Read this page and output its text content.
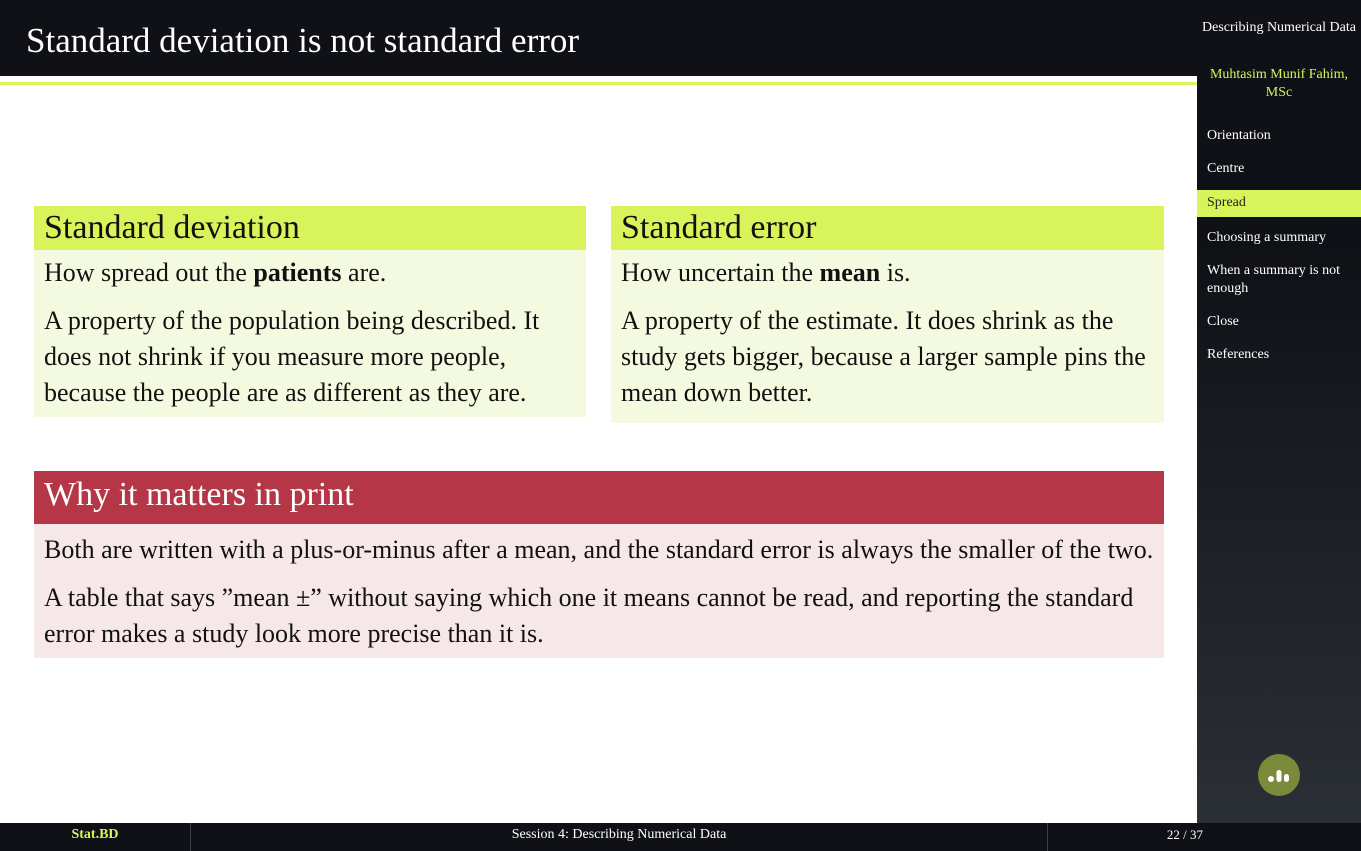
Standard deviation is not standard error	Describing Numerical Data
Muhtasim Munif Fahim, MSc
Orientation
Centre
Spread
Choosing a summary
When a summary is not enough
Close
References
Standard deviation

How spread out the patients are.

A property of the population being described. It does not shrink if you measure more people, because the people are as different as they are.

Standard error

How uncertain the mean is.

A property of the estimate. It does shrink as the study gets bigger, because a larger sample pins the mean down better.

Why it matters in print

Both are written with a plus-or-minus after a mean, and the standard error is always the smaller of the two.

A table that says ”mean ±” without saying which one it means cannot be read, and reporting the standard error makes a study look more precise than it is.

Stat.BD	Session 4: Describing Numerical Data	22 / 37
